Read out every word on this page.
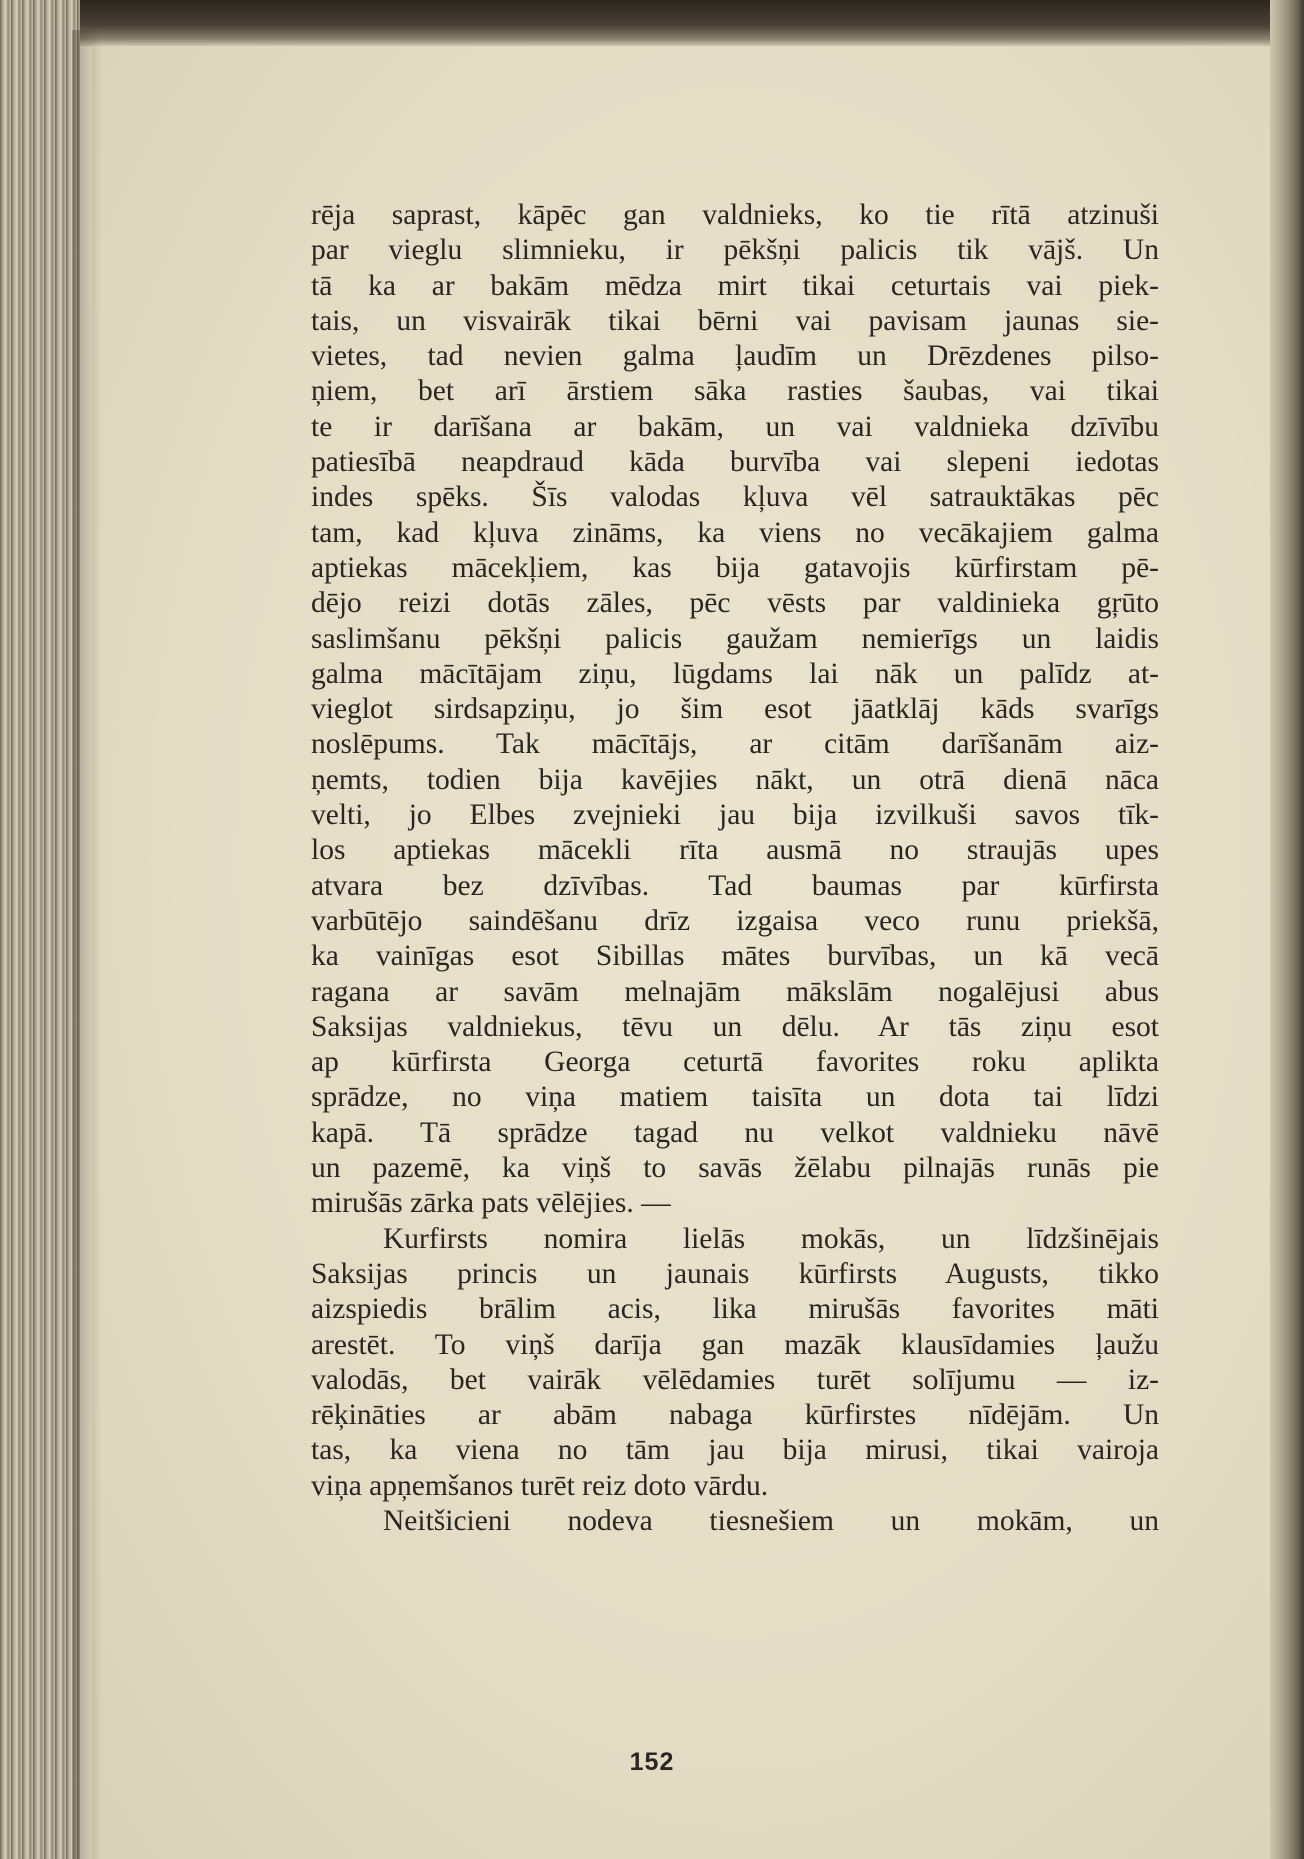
rēja saprast, kāpēc gan valdnieks, ko tie rītā atzinuši
par vieglu slimnieku, ir pēkšņi palicis tik vājš. Un
tā ka ar bakām mēdza mirt tikai ceturtais vai piek-
tais, un visvairāk tikai bērni vai pavisam jaunas sie-
vietes, tad nevien galma ļaudīm un Drēzdenes pilso-
ņiem, bet arī ārstiem sāka rasties šaubas, vai tikai
te ir darīšana ar bakām, un vai valdnieka dzīvību
patiesībā neapdraud kāda burvība vai slepeni iedotas
indes spēks. Šīs valodas kļuva vēl satrauktākas pēc
tam, kad kļuva zināms, ka viens no vecākajiem galma
aptiekas mācekļiem, kas bija gatavojis kūrfirstam pē-
dējo reizi dotās zāles, pēc vēsts par valdinieka gŗūto
saslimšanu pēkšņi palicis gaužam nemierīgs un laidis
galma mācītājam ziņu, lūgdams lai nāk un palīdz at-
vieglot sirdsapziņu, jo šim esot jāatklāj kāds svarīgs
noslēpums. Tak mācītājs, ar citām darīšanām aiz-
ņemts, todien bija kavējies nākt, un otrā dienā nāca
velti, jo Elbes zvejnieki jau bija izvilkuši savos tīk-
los aptiekas mācekli rīta ausmā no straujās upes
atvara bez dzīvības. Tad baumas par kūrfirsta
varbūtējo saindēšanu drīz izgaisa veco runu priekšā,
ka vainīgas esot Sibillas mātes burvības, un kā vecā
ragana ar savām melnajām mākslām nogalējusi abus
Saksijas valdniekus, tēvu un dēlu. Ar tās ziņu esot
ap kūrfirsta Georga ceturtā favorites roku aplikta
sprādze, no viņa matiem taisīta un dota tai līdzi
kapā. Tā sprādze tagad nu velkot valdnieku nāvē
un pazemē, ka viņš to savās žēlabu pilnajās runās pie
mirušās zārka pats vēlējies. —
Kurfirsts nomira lielās mokās, un līdzšinējais
Saksijas princis un jaunais kūrfirsts Augusts, tikko
aizspiedis brālim acis, lika mirušās favorites māti
arestēt. To viņš darīja gan mazāk klausīdamies ļaužu
valodās, bet vairāk vēlēdamies turēt solījumu — iz-
rēķināties ar abām nabaga kūrfirstes nīdējām. Un
tas, ka viena no tām jau bija mirusi, tikai vairoja
viņa apņemšanos turēt reiz doto vārdu.
Neitšicieni nodeva tiesnešiem un mokām, un
152
